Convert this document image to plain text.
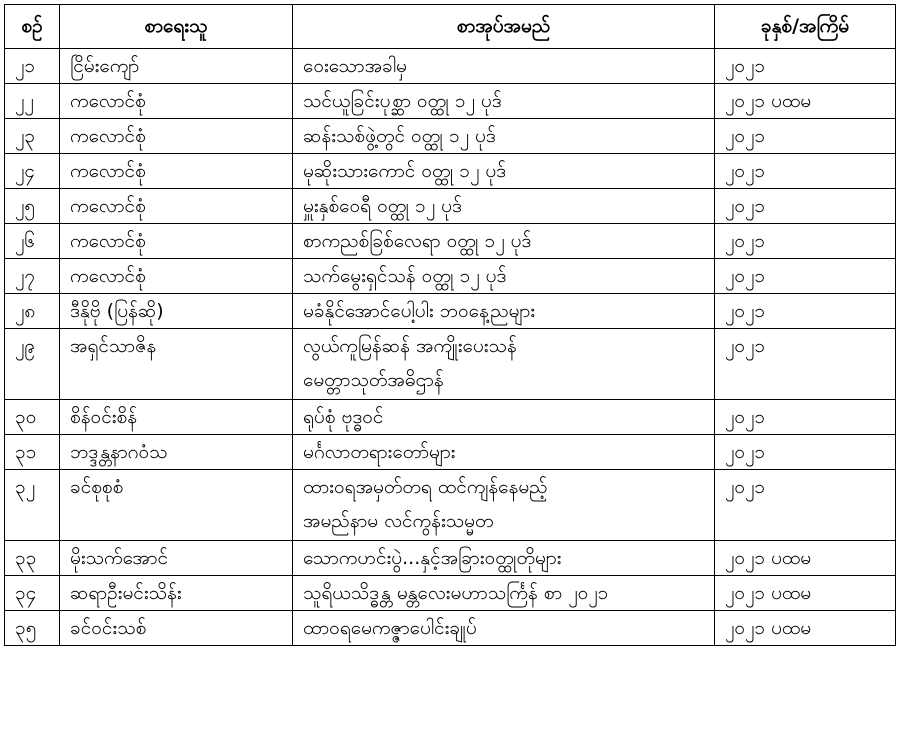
စဉ်	စာရေးသူ	စာအုပ်အမည်	ခုနှစ်/အကြိမ်
၂၁	ငြိမ်းကျော်	ဝေးသောအခါမှ	၂၀၂၁
၂၂	ကလောင်စုံ	သင်ယူခြင်းပုစ္ဆာ ဝတ္ထု ၁၂ ပုဒ်	၂၀၂၁ ပထမ
၂၃	ကလောင်စုံ	ဆန်းသစ်ဖွဲ့တွင် ဝတ္ထု ၁၂ ပုဒ်	၂၀၂၁
၂၄	ကလောင်စုံ	မုဆိုးသားကောင် ဝတ္ထု ၁၂ ပုဒ်	၂၀၂၁
၂၅	ကလောင်စုံ	မှူးနှစ်ဝေရီ ဝတ္ထု ၁၂ ပုဒ်	၂၀၂၁
၂၆	ကလောင်စုံ	စာကညစ်ခြစ်လေရာ ဝတ္ထု ၁၂ ပုဒ်	၂၀၂၁
၂၇	ကလောင်စုံ	သက်မွေးရှင်သန် ဝတ္ထု ၁၂ ပုဒ်	၂၀၂၁
၂၈	ဒီနိုဗို (ပြန်ဆို)	မခံနိုင်အောင်ပေါ့ပါး ဘဝနေ့ညများ	၂၀၂၁
၂၉	အရှင်သာဇိန	လွယ်ကူမြန်ဆန် အကျိုးပေးသန်
မေတ္တာသုတ်အဓိဌာန်	၂၀၂၁
၃၀	စိန်ဝင်းစိန်	ရုပ်စုံ ဗုဒ္ဓဝင်	၂၀၂၁
၃၁	ဘဒ္ဒန္တနာဂဝံသ	မင်္ဂလာတရားတော်များ	၂၀၂၁
၃၂	ခင်စုစုစံ	ထားဝရအမှတ်တရ ထင်ကျန်နေမည့်
အမည်နာမ လင်ကွန်းသမ္မတ	၂၀၂၁
၃၃	မိုးသက်အောင်	သောကဟင်းပွဲ...နှင့်အခြားဝတ္ထုတိုများ	၂၀၂၁ ပထမ
၃၄	ဆရာဦးမင်းသိန်း	သူရိယသိဒ္ဓန္တ မန္တလေးမဟာသင်္ကြန် စာ ၂၀၂၁	၂၀၂၁ ပထမ
၃၅	ခင်ဝင်းသစ်	ထာဝရမေကဇ္ဇာပေါင်းချုပ်	၂၀၂၁ ပထမ
